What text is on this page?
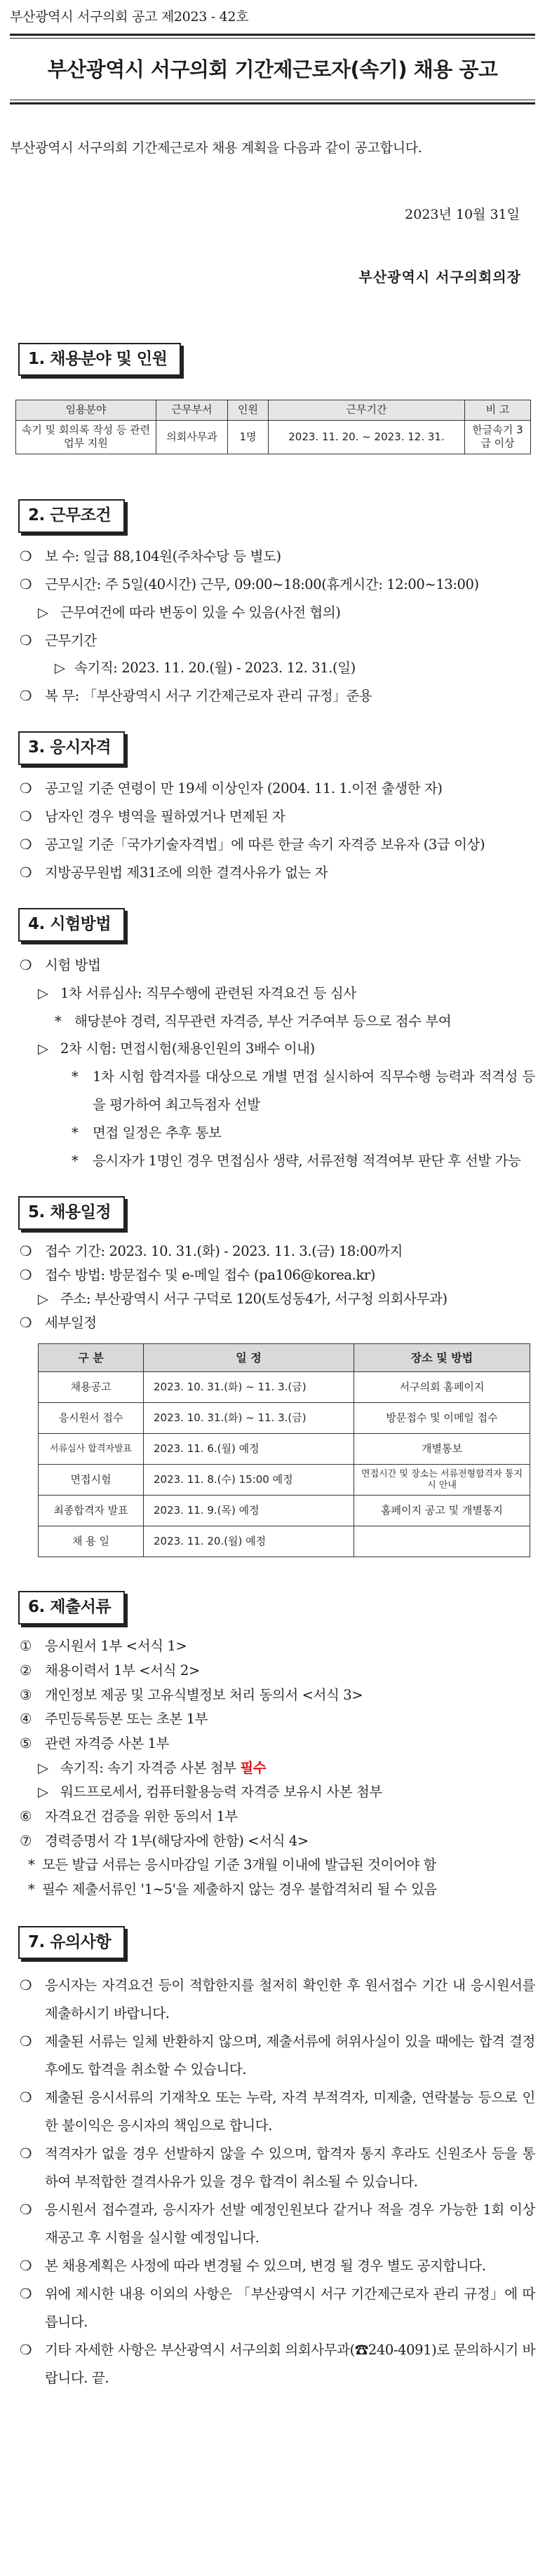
부산광역시 서구의회 공고 제2023 - 42호
부산광역시 서구의회 기간제근로자(속기) 채용 공고
부산광역시 서구의회 기간제근로자 채용 계획을 다음과 같이 공고합니다.
2023년 10월 31일
부산광역시 서구의회의장
1. 채용분야 및 인원
임용분야	근무부서	인원	근무기간	비 고
속기 및 회의록 작성 등 관련 업무 지원	의회사무과	1명	2023. 11. 20. ~ 2023. 12. 31.	한글속기 3급 이상
2. 근무조건
❍ 보 수: 일급 88,104원(주차수당 등 별도)
❍ 근무시간: 주 5일(40시간) 근무, 09:00~18:00(휴게시간: 12:00~13:00)
▷ 근무여건에 따라 변동이 있을 수 있음(사전 협의)
❍ 근무기간
▷ 속기직: 2023. 11. 20.(월) - 2023. 12. 31.(일)
❍ 복 무: 「부산광역시 서구 기간제근로자 관리 규정」준용
3. 응시자격
❍ 공고일 기준 연령이 만 19세 이상인자 (2004. 11. 1.이전 출생한 자)
❍ 남자인 경우 병역을 필하였거나 면제된 자
❍ 공고일 기준「국가기술자격법」에 따른 한글 속기 자격증 보유자 (3급 이상)
❍ 지방공무원법 제31조에 의한 결격사유가 없는 자
4. 시험방법
❍ 시험 방법
▷ 1차 서류심사: 직무수행에 관련된 자격요건 등 심사
* 해당분야 경력, 직무관련 자격증, 부산 거주여부 등으로 점수 부여
▷ 2차 시험: 면접시험(채용인원의 3배수 이내)
* 1차 시험 합격자를 대상으로 개별 면접 실시하여 직무수행 능력과 적격성 등을 평가하여 최고득점자 선발
* 면접 일정은 추후 통보
* 응시자가 1명인 경우 면접심사 생략, 서류전형 적격여부 판단 후 선발 가능
5. 채용일정
❍ 접수 기간: 2023. 10. 31.(화) - 2023. 11. 3.(금) 18:00까지
❍ 접수 방법: 방문접수 및 e-메일 접수 (pa106@korea.kr)
▷ 주소: 부산광역시 서구 구덕로 120(토성동4가, 서구청 의회사무과)
❍ 세부일정
구 분	일 정	장소 및 방법
채용공고	2023. 10. 31.(화) ~ 11. 3.(금)	서구의회 홈페이지
응시원서 접수	2023. 10. 31.(화) ~ 11. 3.(금)	방문접수 및 이메일 접수
서류심사 합격자발표	2023. 11. 6.(월) 예정	개별통보
면접시험	2023. 11. 8.(수) 15:00 예정	면접시간 및 장소는 서류전형합격자 통지 시 안내
최종합격자 발표	2023. 11. 9.(목) 예정	홈페이지 공고 및 개별통지
채 용 일	2023. 11. 20.(월) 예정	
6. 제출서류
① 응시원서 1부 <서식 1>
② 채용이력서 1부 <서식 2>
③ 개인정보 제공 및 고유식별정보 처리 동의서 <서식 3>
④ 주민등록등본 또는 초본 1부
⑤ 관련 자격증 사본 1부
▷ 속기직: 속기 자격증 사본 첨부 필수
▷ 워드프로세서, 컴퓨터활용능력 자격증 보유시 사본 첨부
⑥ 자격요건 검증을 위한 동의서 1부
⑦ 경력증명서 각 1부(해당자에 한함) <서식 4>
* 모든 발급 서류는 응시마감일 기준 3개월 이내에 발급된 것이어야 함
* 필수 제출서류인 '1~5'을 제출하지 않는 경우 불합격처리 될 수 있음
7. 유의사항
❍ 응시자는 자격요건 등이 적합한지를 철저히 확인한 후 원서접수 기간 내 응시원서를 제출하시기 바랍니다.
❍ 제출된 서류는 일체 반환하지 않으며, 제출서류에 허위사실이 있을 때에는 합격 결정 후에도 합격을 취소할 수 있습니다.
❍ 제출된 응시서류의 기재착오 또는 누락, 자격 부적격자, 미제출, 연락불능 등으로 인한 불이익은 응시자의 책임으로 합니다.
❍ 적격자가 없을 경우 선발하지 않을 수 있으며, 합격자 통지 후라도 신원조사 등을 통하여 부적합한 결격사유가 있을 경우 합격이 취소될 수 있습니다.
❍ 응시원서 접수결과, 응시자가 선발 예정인원보다 같거나 적을 경우 가능한 1회 이상 재공고 후 시험을 실시할 예정입니다.
❍ 본 채용계획은 사정에 따라 변경될 수 있으며, 변경 될 경우 별도 공지합니다.
❍ 위에 제시한 내용 이외의 사항은 「부산광역시 서구 기간제근로자 관리 규정」에 따릅니다.
❍ 기타 자세한 사항은 부산광역시 서구의회 의회사무과(☎240-4091)로 문의하시기 바랍니다. 끝.
